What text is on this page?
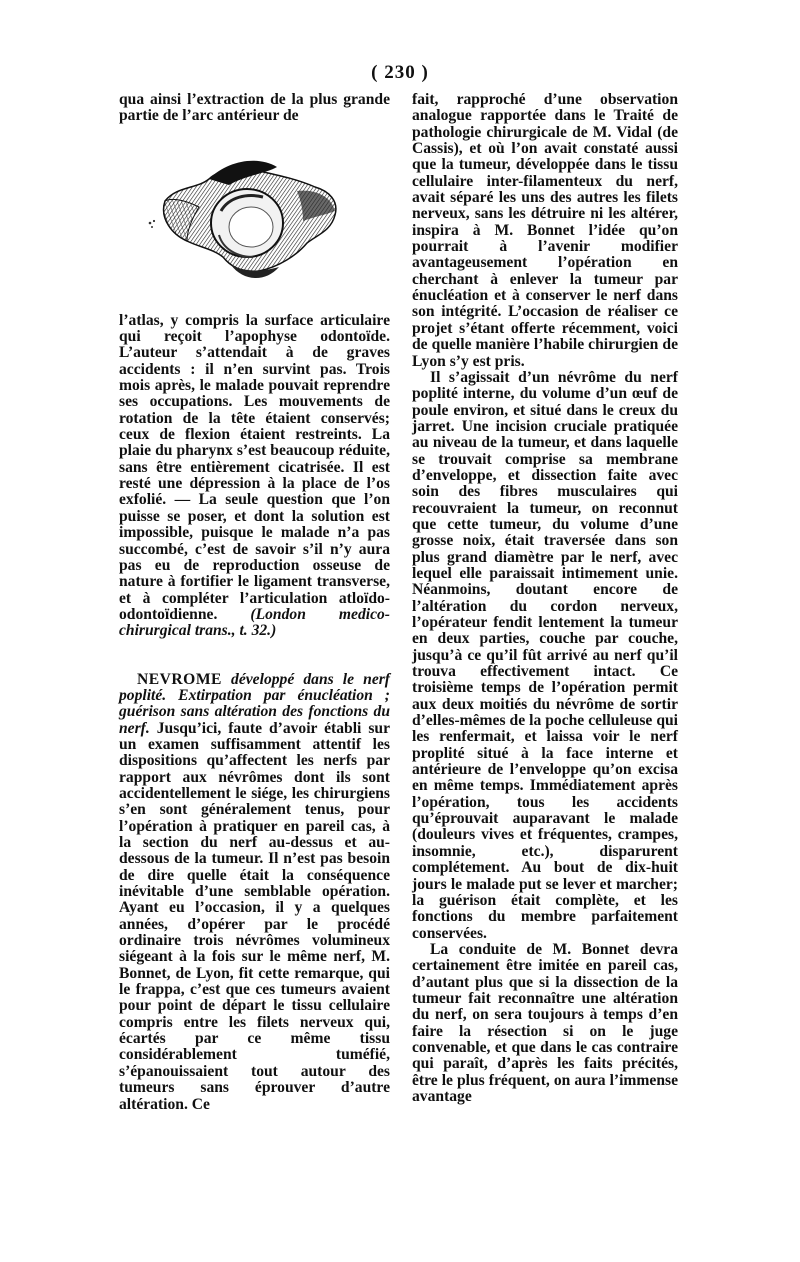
( 230 )

qua ainsi l’extraction de la plus grande partie de l’arc antérieur de

l’atlas, y compris la surface articulaire qui reçoit l’apophyse odontoïde. L’auteur s’attendait à de graves accidents : il n’en survint pas. Trois mois après, le malade pouvait reprendre ses occupations. Les mouvements de rotation de la tête étaient conservés; ceux de flexion étaient restreints. La plaie du pharynx s’est beaucoup réduite, sans être entièrement cicatrisée. Il est resté une dépression à la place de l’os exfolié. — La seule question que l’on puisse se poser, et dont la solution est impossible, puisque le malade n’a pas succombé, c’est de savoir s’il n’y aura pas eu de reproduction osseuse de nature à fortifier le ligament transverse, et à compléter l’articulation atloïdo-odontoïdienne. (London medico-chirurgical trans., t. 32.)

NEVROME développé dans le nerf poplité. Extirpation par énucléation ; guérison sans altération des fonctions du nerf. Jusqu’ici, faute d’avoir établi sur un examen suffisamment attentif les dispositions qu’affectent les nerfs par rapport aux névrômes dont ils sont accidentellement le siége, les chirurgiens s’en sont généralement tenus, pour l’opération à pratiquer en pareil cas, à la section du nerf au-dessus et au-dessous de la tumeur. Il n’est pas besoin de dire quelle était la conséquence inévitable d’une semblable opération. Ayant eu l’occasion, il y a quelques années, d’opérer par le procédé ordinaire trois névrômes volumineux siégeant à la fois sur le même nerf, M. Bonnet, de Lyon, fit cette remarque, qui le frappa, c’est que ces tumeurs avaient pour point de départ le tissu cellulaire compris entre les filets nerveux qui, écartés par ce même tissu considérablement tuméfié, s’épanouissaient tout autour des tumeurs sans éprouver d’autre altération. Ce

fait, rapproché d’une observation analogue rapportée dans le Traité de pathologie chirurgicale de M. Vidal (de Cassis), et où l’on avait constaté aussi que la tumeur, développée dans le tissu cellulaire inter-filamenteux du nerf, avait séparé les uns des autres les filets nerveux, sans les détruire ni les altérer, inspira à M. Bonnet l’idée qu’on pourrait à l’avenir modifier avantageusement l’opération en cherchant à enlever la tumeur par énucléation et à conserver le nerf dans son intégrité. L’occasion de réaliser ce projet s’étant offerte récemment, voici de quelle manière l’habile chirurgien de Lyon s’y est pris.

Il s’agissait d’un névrôme du nerf poplité interne, du volume d’un œuf de poule environ, et situé dans le creux du jarret. Une incision cruciale pratiquée au niveau de la tumeur, et dans laquelle se trouvait comprise sa membrane d’enveloppe, et dissection faite avec soin des fibres musculaires qui recouvraient la tumeur, on reconnut que cette tumeur, du volume d’une grosse noix, était traversée dans son plus grand diamètre par le nerf, avec lequel elle paraissait intimement unie. Néanmoins, doutant encore de l’altération du cordon nerveux, l’opérateur fendit lentement la tumeur en deux parties, couche par couche, jusqu’à ce qu’il fût arrivé au nerf qu’il trouva effectivement intact. Ce troisième temps de l’opération permit aux deux moitiés du névrôme de sortir d’elles-mêmes de la poche celluleuse qui les renfermait, et laissa voir le nerf proplité situé à la face interne et antérieure de l’enveloppe qu’on excisa en même temps. Immédiatement après l’opération, tous les accidents qu’éprouvait auparavant le malade (douleurs vives et fréquentes, crampes, insomnie, etc.), disparurent complétement. Au bout de dix-huit jours le malade put se lever et marcher; la guérison était complète, et les fonctions du membre parfaitement conservées.

La conduite de M. Bonnet devra certainement être imitée en pareil cas, d’autant plus que si la dissection de la tumeur fait reconnaître une altération du nerf, on sera toujours à temps d’en faire la résection si on le juge convenable, et que dans le cas contraire qui paraît, d’après les faits précités, être le plus fréquent, on aura l’immense avantage
